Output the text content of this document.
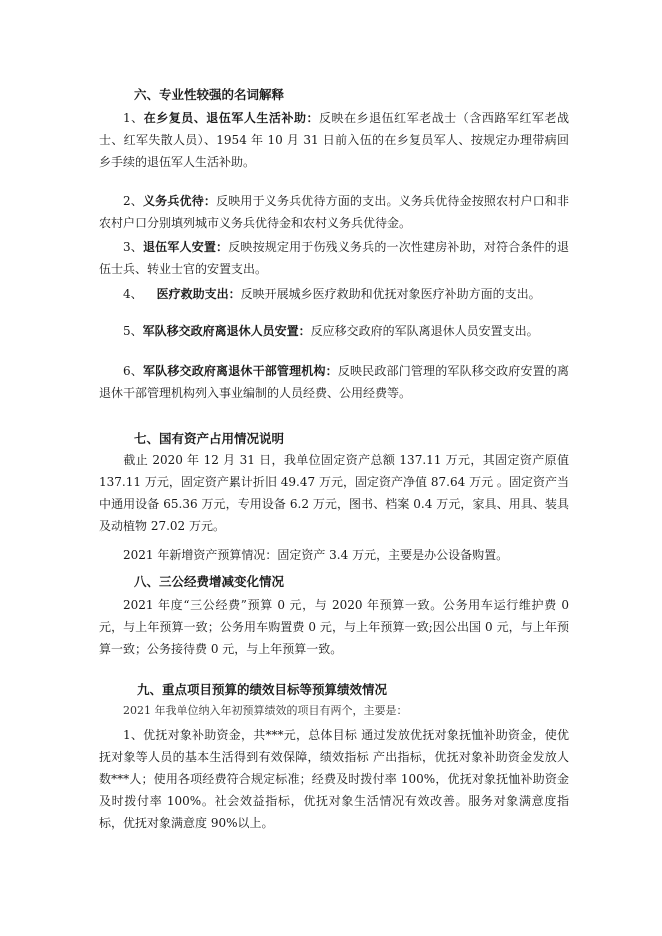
六、专业性较强的名词解释
1、在乡复员、退伍军人生活补助：反映在乡退伍红军老战士（含西路军红军老战士、红军失散人员）、1954 年 10 月 31 日前入伍的在乡复员军人、按规定办理带病回乡手续的退伍军人生活补助。
2、义务兵优待：反映用于义务兵优待方面的支出。义务兵优待金按照农村户口和非农村户口分别填列城市义务兵优待金和农村义务兵优待金。
3、退伍军人安置：反映按规定用于伤残义务兵的一次性建房补助，对符合条件的退伍士兵、转业士官的安置支出。
4、 医疗救助支出：反映开展城乡医疗救助和优抚对象医疗补助方面的支出。
5、军队移交政府离退休人员安置：反应移交政府的军队离退休人员安置支出。
6、军队移交政府离退休干部管理机构：反映民政部门管理的军队移交政府安置的离退休干部管理机构列入事业编制的人员经费、公用经费等。
七、国有资产占用情况说明
截止 2020 年 12 月 31 日，我单位固定资产总额 137.11 万元，其固定资产原值 137.11 万元，固定资产累计折旧 49.47 万元，固定资产净值 87.64 万元 。固定资产当中通用设备 65.36 万元，专用设备 6.2 万元，图书、档案 0.4 万元，家具、用具、装具及动植物 27.02 万元。
2021 年新增资产预算情况：固定资产 3.4 万元，主要是办公设备购置。
八、三公经费增减变化情况
2021 年度“三公经费”预算 0 元，与 2020 年预算一致。公务用车运行维护费 0 元，与上年预算一致；公务用车购置费 0 元，与上年预算一致;因公出国 0 元，与上年预算一致；公务接待费 0 元，与上年预算一致。
九、重点项目预算的绩效目标等预算绩效情况
2021 年我单位纳入年初预算绩效的项目有两个，主要是：
1、优抚对象补助资金，共***元，总体目标 通过发放优抚对象抚恤补助资金，使优抚对象等人员的基本生活得到有效保障，绩效指标 产出指标，优抚对象补助资金发放人数***人；使用各项经费符合规定标准；经费及时拨付率 100%，优抚对象抚恤补助资金及时拨付率 100%。社会效益指标，优抚对象生活情况有效改善。服务对象满意度指标，优抚对象满意度 90%以上。
